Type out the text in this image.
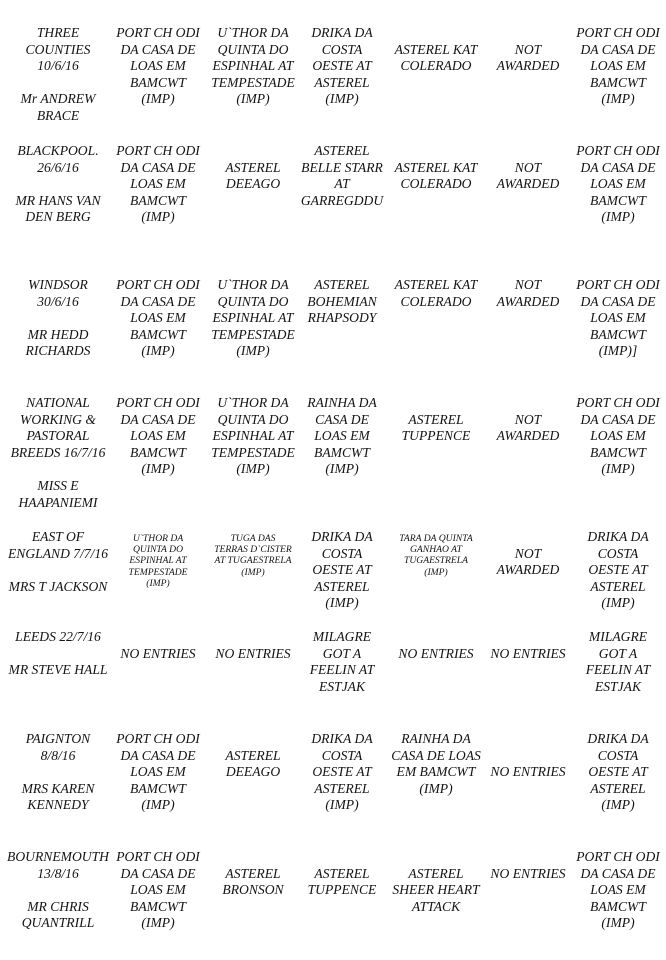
THREE
COUNTIES
10/6/16
Mr ANDREW
BRACE
PORT CH ODI
DA CASA DE
LOAS EM
BAMCWT
(IMP)
U`THOR DA
QUINTA DO
ESPINHAL AT
TEMPESTADE
(IMP)
DRIKA DA
COSTA
OESTE AT
ASTEREL
(IMP)

ASTEREL KAT
COLERADO

NOT
AWARDED
PORT CH ODI
DA CASA DE
LOAS EM
BAMCWT
(IMP)
BLACKPOOL.
26/6/16
MR HANS VAN
DEN BERG
PORT CH ODI
DA CASA DE
LOAS EM
BAMCWT
(IMP)

ASTEREL
DEEAGO
ASTEREL
BELLE STARR
AT
GARREGDDU

ASTEREL KAT
COLERADO

NOT
AWARDED
PORT CH ODI
DA CASA DE
LOAS EM
BAMCWT
(IMP)
WINDSOR
30/6/16
MR HEDD
RICHARDS
PORT CH ODI
DA CASA DE
LOAS EM
BAMCWT
(IMP)
U`THOR DA
QUINTA DO
ESPINHAL AT
TEMPESTADE
(IMP)
ASTEREL
BOHEMIAN
RHAPSODY
ASTEREL KAT
COLERADO
NOT
AWARDED
PORT CH ODI
DA CASA DE
LOAS EM
BAMCWT
(IMP)]
NATIONAL
WORKING &
PASTORAL
BREEDS 16/7/16
MISS E
HAAPANIEMI
PORT CH ODI
DA CASA DE
LOAS EM
BAMCWT
(IMP)
U`THOR DA
QUINTA DO
ESPINHAL AT
TEMPESTADE
(IMP)
RAINHA DA
CASA DE
LOAS EM
BAMCWT
(IMP)

ASTEREL
TUPPENCE

NOT
AWARDED
PORT CH ODI
DA CASA DE
LOAS EM
BAMCWT
(IMP)
EAST OF
ENGLAND 7/7/16
MRS T JACKSON
U`THOR DA
QUINTA DO
ESPINHAL AT
TEMPESTADE
(IMP)
TUGA DAS
TERRAS D`CISTER
AT TUGAESTRELA
(IMP)
DRIKA DA
COSTA
OESTE AT
ASTEREL
(IMP)
TARA DA QUINTA
GANHAO AT
TUGAESTRELA
(IMP)

NOT
AWARDED
DRIKA DA
COSTA
OESTE AT
ASTEREL
(IMP)
LEEDS 22/7/16
MR STEVE HALL

NO ENTRIES
	NO ENTRIES
MILAGRE
GOT A
FEELIN AT
ESTJAK

NO ENTRIES
	NO ENTRIES
MILAGRE
GOT A
FEELIN AT
ESTJAK
PAIGNTON
8/8/16
MRS KAREN
KENNEDY
PORT CH ODI
DA CASA DE
LOAS EM
BAMCWT
(IMP)

ASTEREL
DEEAGO
DRIKA DA
COSTA
OESTE AT
ASTEREL
(IMP)
RAINHA DA
CASA DE LOAS
EM BAMCWT
(IMP)

NO ENTRIES
DRIKA DA
COSTA
OESTE AT
ASTEREL
(IMP)
BOURNEMOUTH
13/8/16
MR CHRIS
QUANTRILL
PORT CH ODI
DA CASA DE
LOAS EM
BAMCWT
(IMP)

ASTEREL
BRONSON

ASTEREL
TUPPENCE

ASTEREL
SHEER HEART
ATTACK

NO ENTRIES
PORT CH ODI
DA CASA DE
LOAS EM
BAMCWT
(IMP)
